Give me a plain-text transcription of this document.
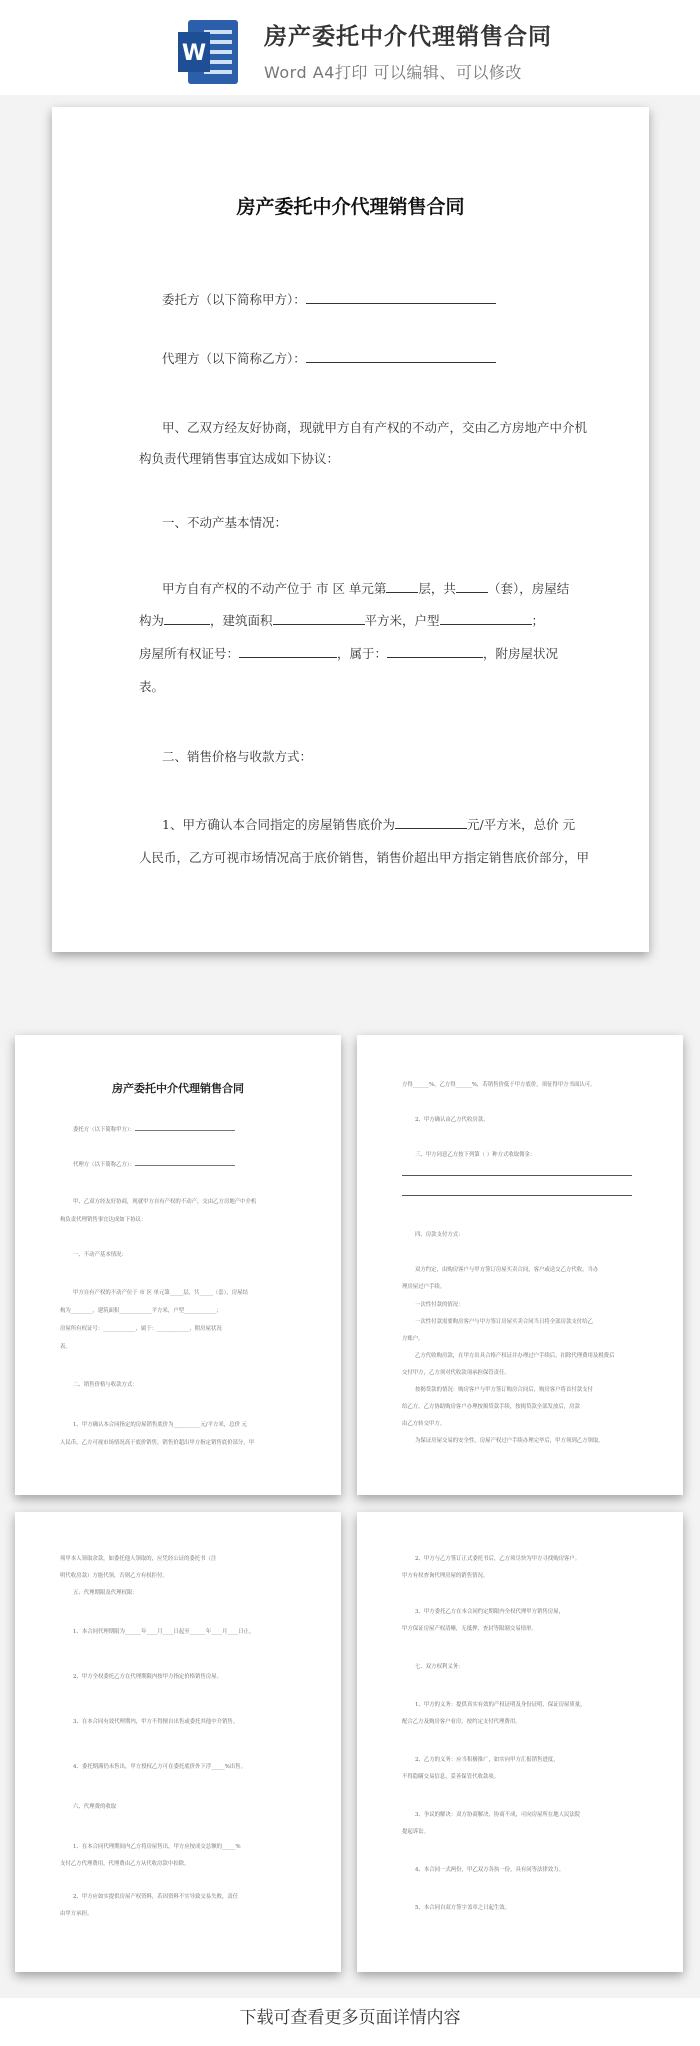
W
房产委托中介代理销售合同
Word A4打印 可以编辑、可以修改
房产委托中介代理销售合同
委托方（以下简称甲方）：
代理方（以下简称乙方）：
甲、乙双方经友好协商，现就甲方自有产权的不动产，交由乙方房地产中介机
构负责代理销售事宜达成如下协议：
一、不动产基本情况：
甲方自有产权的不动产位于 市 区 单元第	层，共	（套），房屋结
构为	，建筑面积	平方米，户型	；
房屋所有权证号：	，属于：	，附房屋状况
表。
二、销售价格与收款方式：
1、甲方确认本合同指定的房屋销售底价为	元/平方米，总价 元
人民币，乙方可视市场情况高于底价销售，销售价超出甲方指定销售底价部分，甲
房产委托中介代理销售合同
委托方（以下简称甲方）：
代理方（以下简称乙方）：
甲、乙双方经友好协商，现就甲方自有产权的不动产，交由乙方房地产中介机
构负责代理销售事宜达成如下协议：
一、不动产基本情况：
甲方自有产权的不动产位于 市 区 单元第_____层，共_____（套），房屋结
构为________，建筑面积____________平方米，户型____________；
房屋所有权证号：____________，属于：____________，附房屋状况
表。
二、销售价格与收款方式：
1、甲方确认本合同指定的房屋销售底价为__________元/平方米，总价 元
人民币，乙方可视市场情况高于底价销售，销售价超出甲方指定销售底价部分，甲
方得______%，乙方得______%，若销售价低于甲方底价，须征得甲方书面认可。
2、甲方确认由乙方代收房款。
三、甲方同意乙方按下列第（ ）种方式收取佣金：
四、房款支付方式：
双方约定，由购房客户与甲方签订房屋买卖合同，客户或送交乙方代收，当办
理房屋过户手续。
一次性付款的情况：
一次性付款需要购房客户与甲方签订房屋买卖合同当日将全部房款支付给乙
方账户。
乙方代收购房款，在甲方出具合格产权证并办理过户手续后，扣除代理费用及税费后
交付甲方，乙方须对代收款项承担保管责任。
按揭贷款的情况：购房客户与甲方签订购房合同后，购房客户将首付款支付
给乙方，乙方协助购房客户办理按揭贷款手续，按揭贷款全部发放后，房款
由乙方转交甲方。
为保证房屋交易的安全性，房屋产权过户手续办理完毕后，甲方须到乙方领取。
须甲本人领取余款，如委托他人领取的，应凭经公证的委托书（注
明代收房款）方能代领，否则乙方有权拒付。
五、代理期限及代理权限：
1、本合同代理期限为______年____月____日起至______年____月____日止。
2、甲方全权委托乙方在代理期限内按甲方指定价格销售房屋。
3、在本合同有效代理期内，甲方不得擅自出售或委托其他中介销售。
4、委托期满仍未售出，甲方授权乙方可在委托底价外下浮_____%出售。
六、代理费的收取
1、在本合同代理期间内乙方将房屋售出，甲方应按成交总额的_____%
支付乙方代理费用，代理费由乙方从代收房款中扣除。
2、甲方应如实提供房屋产权资料，若因资料不实导致交易失败，责任
由甲方承担。
2、甲方与乙方签订正式委托书后，乙方须尽快为甲方寻找购房客户。
甲方有权查询代理房屋的销售情况。
3、甲方委托乙方在本合同约定期限内全权代理甲方销售房屋，
甲方保证房屋产权清晰，无抵押、查封等限制交易情形。
七、双方权利义务：
1、甲方的义务：提供真实有效的产权证明及身份证明，保证房屋质量，
配合乙方及购房客户看房，按约定支付代理费用。
2、乙方的义务：应当积极推广，如实向甲方汇报销售进度，
不得隐瞒交易信息，妥善保管代收款项。
3、争议的解决：双方协商解决，协商不成，可向房屋所在地人民法院
提起诉讼。
4、本合同一式两份，甲乙双方各执一份，具有同等法律效力。
5、本合同自双方签字盖章之日起生效。
下载可查看更多页面详情内容
